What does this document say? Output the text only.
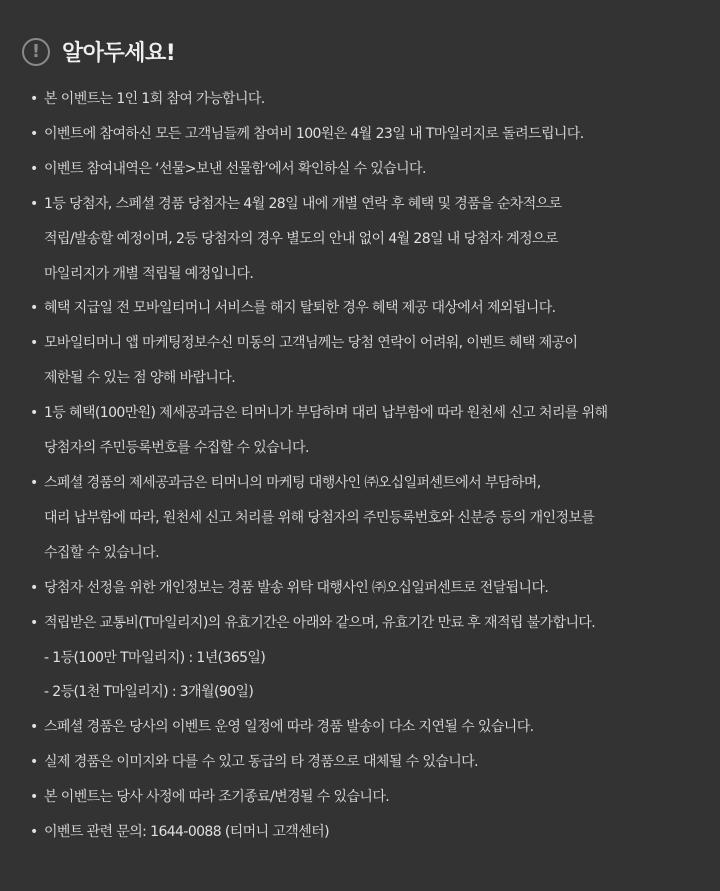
! 알아두세요!
• 본 이벤트는 1인 1회 참여 가능합니다.
• 이벤트에 참여하신 모든 고객님들께 참여비 100원은 4월 23일 내 T마일리지로 돌려드립니다.
• 이벤트 참여내역은 ‘선물>보낸 선물함’에서 확인하실 수 있습니다.
• 1등 당첨자, 스페셜 경품 당첨자는 4월 28일 내에 개별 연락 후 혜택 및 경품을 순차적으로
적립/발송할 예정이며, 2등 당첨자의 경우 별도의 안내 없이 4월 28일 내 당첨자 계정으로
마일리지가 개별 적립될 예정입니다.
• 혜택 지급일 전 모바일티머니 서비스를 해지 탈퇴한 경우 혜택 제공 대상에서 제외됩니다.
• 모바일티머니 앱 마케팅정보수신 미동의 고객님께는 당첨 연락이 어려워, 이벤트 혜택 제공이
제한될 수 있는 점 양해 바랍니다.
• 1등 혜택(100만원) 제세공과금은 티머니가 부담하며 대리 납부함에 따라 원천세 신고 처리를 위해
당첨자의 주민등록번호를 수집할 수 있습니다.
• 스페셜 경품의 제세공과금은 티머니의 마케팅 대행사인 ㈜오십일퍼센트에서 부담하며,
대리 납부함에 따라, 원천세 신고 처리를 위해 당첨자의 주민등록번호와 신분증 등의 개인정보를
수집할 수 있습니다.
• 당첨자 선정을 위한 개인정보는 경품 발송 위탁 대행사인 ㈜오십일퍼센트로 전달됩니다.
• 적립받은 교통비(T마일리지)의 유효기간은 아래와 같으며, 유효기간 만료 후 재적립 불가합니다.
- 1등(100만 T마일리지) : 1년(365일)
- 2등(1천 T마일리지) : 3개월(90일)
• 스페셜 경품은 당사의 이벤트 운영 일정에 따라 경품 발송이 다소 지연될 수 있습니다.
• 실제 경품은 이미지와 다를 수 있고 동급의 타 경품으로 대체될 수 있습니다.
• 본 이벤트는 당사 사정에 따라 조기종료/변경될 수 있습니다.
• 이벤트 관련 문의: 1644-0088 (티머니 고객센터)
